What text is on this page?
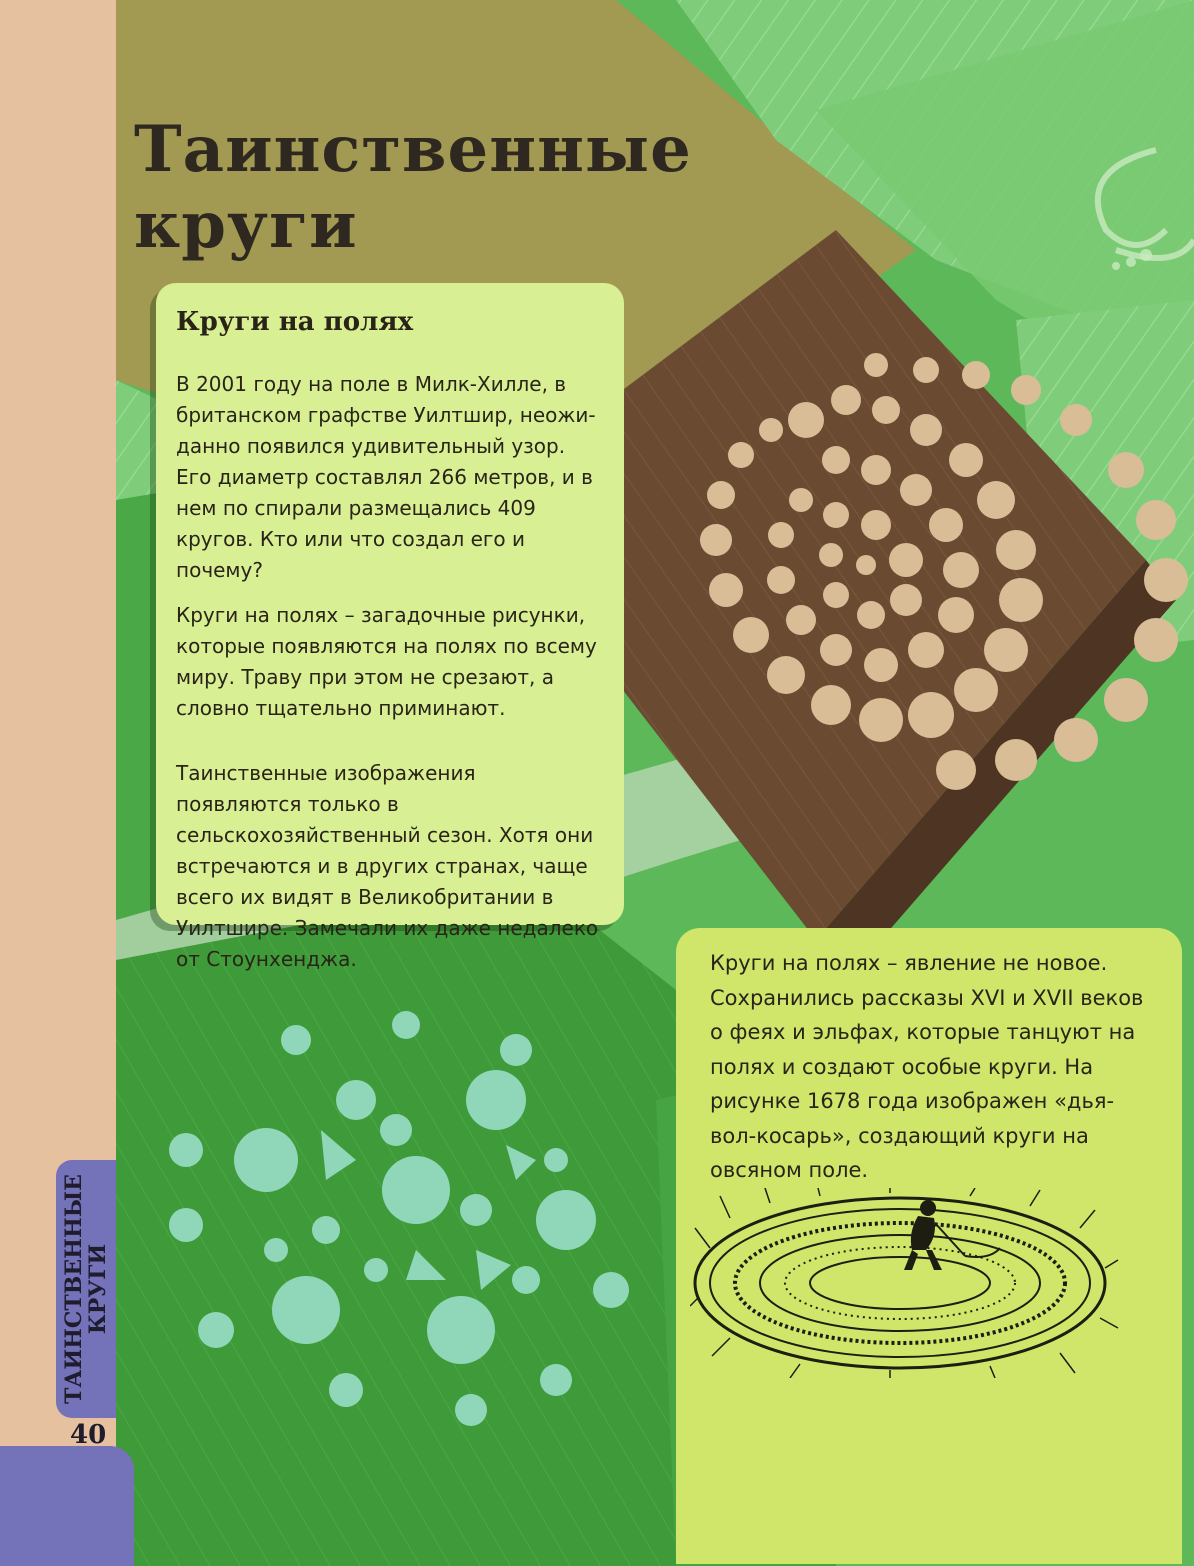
Таинственные
круги
Круги на полях

В 2001 году на поле в Милк-Хилле, в британском графстве Уилтшир, неожиданно появился удивительный узор. Его диаметр составлял 266 метров, и в нем по спирали размещались 409 кругов. Кто или что создал его и почему?

Круги на полях – загадочные рисунки, которые появляются на полях по всему миру. Траву при этом не срезают, а словно тщательно приминают.

Таинственные изображения появляются только в сельскохозяйственный сезон. Хотя они встречаются и в других странах, чаще всего их видят в Великобритании в Уилтшире. Замечали их даже недалеко от Стоунхенджа.	Круги на полях – явление не новое. Сохранились рассказы XVI и XVII веков о феях и эльфах, которые танцуют на полях и создают особые круги. На рисунке 1678 года изображен «дьявол-косарь», создающий круги на овсяном поле.

ТАИНСТВЕННЫЕ
КРУГИ
40
